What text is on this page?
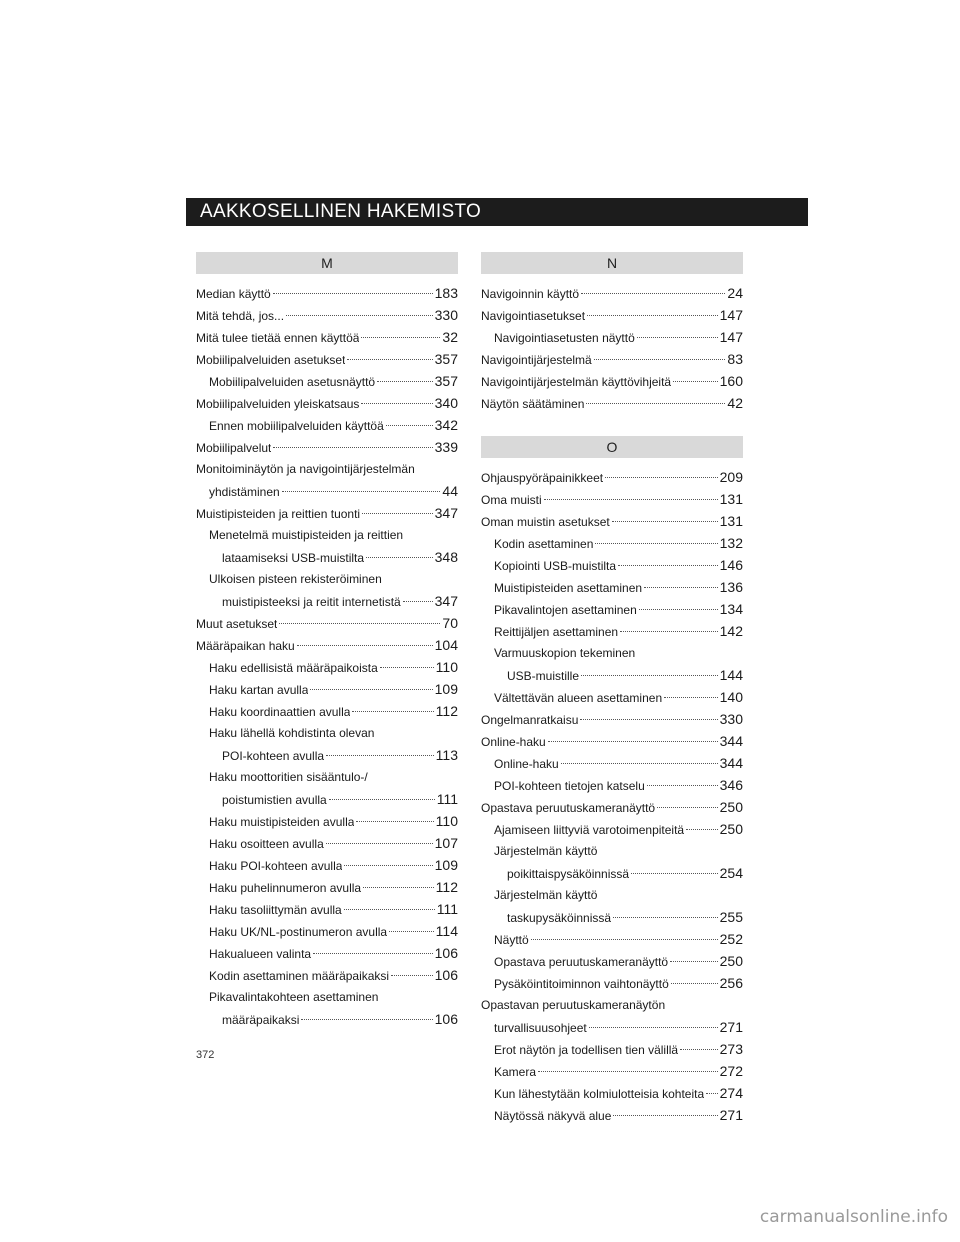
AAKKOSELLINEN HAKEMISTO
M
Median käyttö	183
Mitä tehdä, jos...	330
Mitä tulee tietää ennen käyttöä	32
Mobiilipalveluiden asetukset	357
Mobiilipalveluiden asetusnäyttö	357
Mobiilipalveluiden yleiskatsaus	340
Ennen mobiilipalveluiden käyttöä	342
Mobiilipalvelut	339
Monitoiminäytön ja navigointijärjestelmän
yhdistäminen	44
Muistipisteiden ja reittien tuonti	347
Menetelmä muistipisteiden ja reittien
lataamiseksi USB-muistilta	348
Ulkoisen pisteen rekisteröiminen
muistipisteeksi ja reitit internetistä 347
Muut asetukset	70
Määräpaikan haku	104
Haku edellisistä määräpaikoista	110
Haku kartan avulla	109
Haku koordinaattien avulla	112
Haku lähellä kohdistinta olevan
POI-kohteen avulla	113
Haku moottoritien sisääntulo-/
poistumistien avulla	111
Haku muistipisteiden avulla	110
Haku osoitteen avulla	107
Haku POI-kohteen avulla	109
Haku puhelinnumeron avulla	112
Haku tasoliittymän avulla	111
Haku UK/NL-postinumeron avulla	114
Hakualueen valinta	106
Kodin asettaminen määräpaikaksi	106
Pikavalintakohteen asettaminen
määräpaikaksi	106
N
Navigoinnin käyttö	24
Navigointiasetukset	147
Navigointiasetusten näyttö	147
Navigointijärjestelmä	83
Navigointijärjestelmän käyttövihjeitä	160
Näytön säätäminen	42
O
Ohjauspyöräpainikkeet	209
Oma muisti	131
Oman muistin asetukset	131
Kodin asettaminen	132
Kopiointi USB-muistilta	146
Muistipisteiden asettaminen	136
Pikavalintojen asettaminen	134
Reittijäljen asettaminen	142
Varmuuskopion tekeminen
USB-muistille	144
Vältettävän alueen asettaminen	140
Ongelmanratkaisu	330
Online-haku	344
Online-haku	344
POI-kohteen tietojen katselu	346
Opastava peruutuskameranäyttö	250
Ajamiseen liittyviä varotoimenpiteitä	250
Järjestelmän käyttö
poikittaispysäköinnissä	254
Järjestelmän käyttö
taskupysäköinnissä	255
Näyttö	252
Opastava peruutuskameranäyttö	250
Pysäköintitoiminnon vaihtonäyttö	256
Opastavan peruutuskameranäytön
turvallisuusohjeet	271
Erot näytön ja todellisen tien välillä	273
Kamera	272
Kun lähestytään kolmiulotteisia kohteita 274
Näytössä näkyvä alue	271
372
carmanualsonline.info
